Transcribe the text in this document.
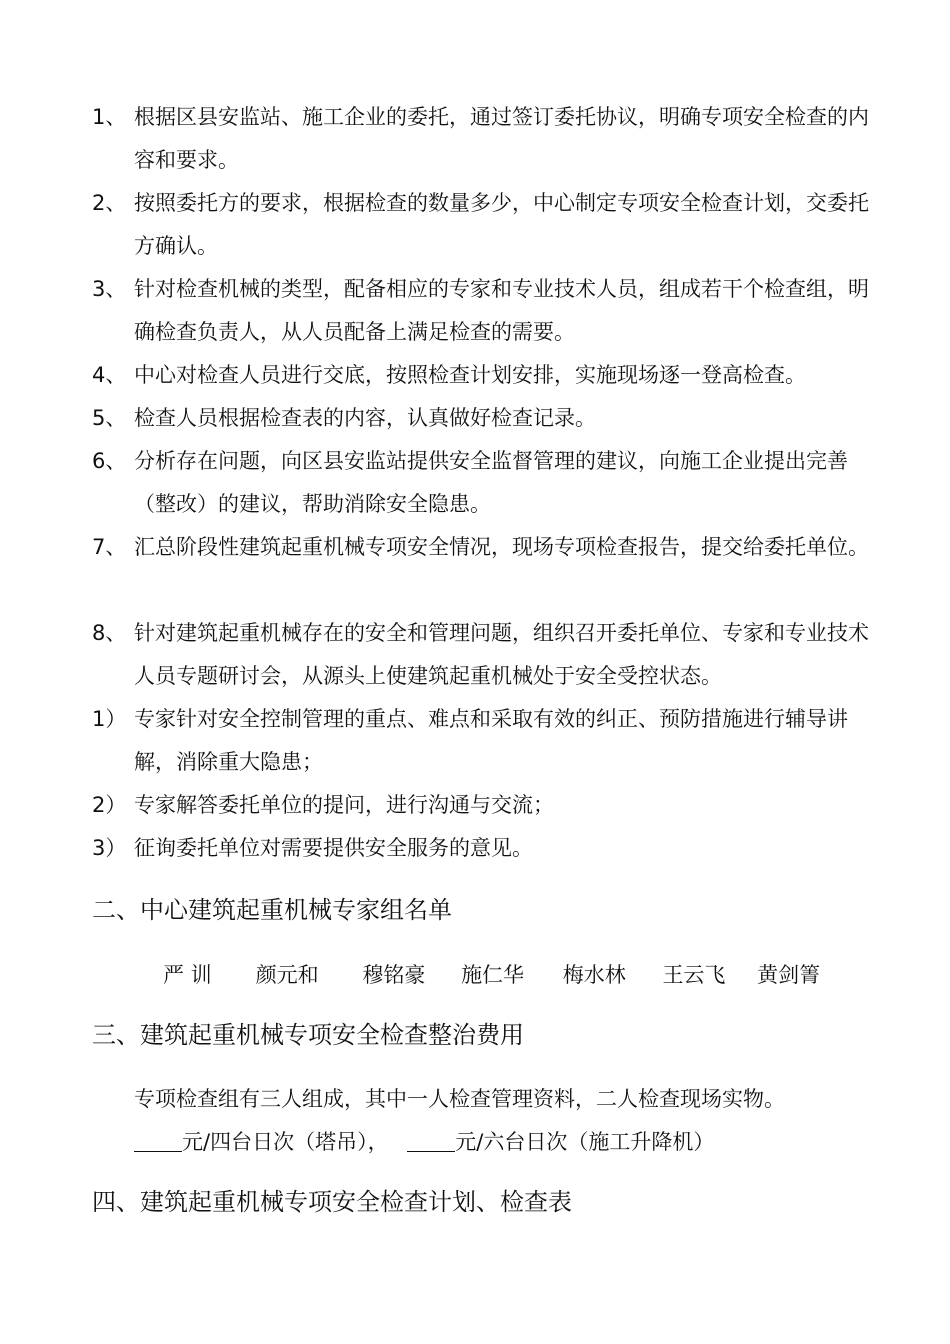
1、 根据区县安监站、施工企业的委托，通过签订委托协议，明确专项安全检查的内容和要求。
2、 按照委托方的要求，根据检查的数量多少，中心制定专项安全检查计划，交委托方确认。
3、 针对检查机械的类型，配备相应的专家和专业技术人员，组成若干个检查组，明确检查负责人，从人员配备上满足检查的需要。
4、 中心对检查人员进行交底，按照检查计划安排，实施现场逐一登高检查。
5、 检查人员根据检查表的内容，认真做好检查记录。
6、 分析存在问题，向区县安监站提供安全监督管理的建议，向施工企业提出完善（整改）的建议，帮助消除安全隐患。
7、 汇总阶段性建筑起重机械专项安全情况，现场专项检查报告，提交给委托单位。
8、 针对建筑起重机械存在的安全和管理问题，组织召开委托单位、专家和专业技术人员专题研讨会，从源头上使建筑起重机械处于安全受控状态。
1） 专家针对安全控制管理的重点、难点和采取有效的纠正、预防措施进行辅导讲解，消除重大隐患；
2） 专家解答委托单位的提问，进行沟通与交流；
3） 征询委托单位对需要提供安全服务的意见。
二、中心建筑起重机械专家组名单
严 训 颜元和 穆铭豪 施仁华 梅水林 王云飞 黄剑箐
三、建筑起重机械专项安全检查整治费用
专项检查组有三人组成，其中一人检查管理资料，二人检查现场实物。
元/四台日次（塔吊），	元/六台日次（施工升降机）
四、建筑起重机械专项安全检查计划、检查表
